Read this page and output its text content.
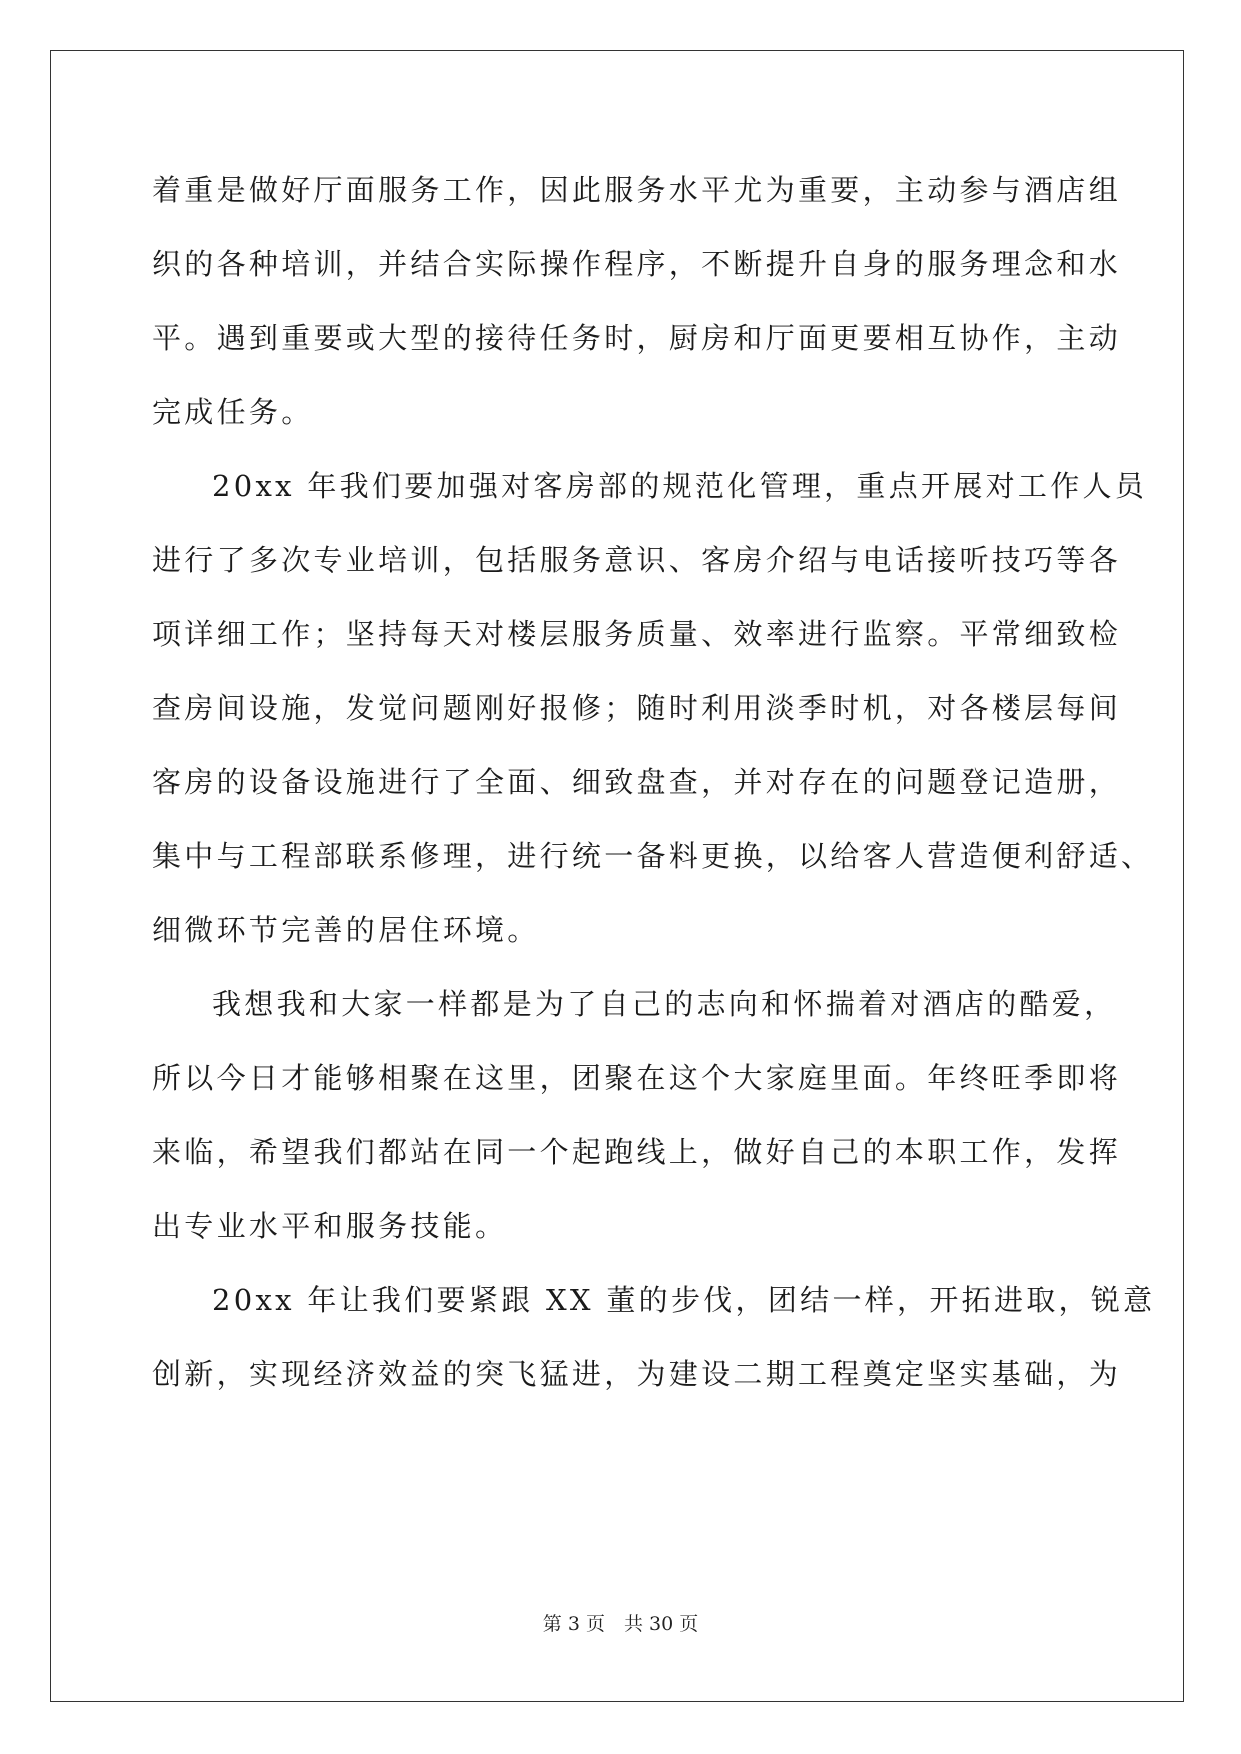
着重是做好厅面服务工作，因此服务水平尤为重要，主动参与酒店组
织的各种培训，并结合实际操作程序，不断提升自身的服务理念和水
平。遇到重要或大型的接待任务时，厨房和厅面更要相互协作，主动
完成任务。
20xx 年我们要加强对客房部的规范化管理，重点开展对工作人员
进行了多次专业培训，包括服务意识、客房介绍与电话接听技巧等各
项详细工作；坚持每天对楼层服务质量、效率进行监察。平常细致检
查房间设施，发觉问题刚好报修；随时利用淡季时机，对各楼层每间
客房的设备设施进行了全面、细致盘查，并对存在的问题登记造册，
集中与工程部联系修理，进行统一备料更换，以给客人营造便利舒适、
细微环节完善的居住环境。
我想我和大家一样都是为了自己的志向和怀揣着对酒店的酷爱，
所以今日才能够相聚在这里，团聚在这个大家庭里面。年终旺季即将
来临，希望我们都站在同一个起跑线上，做好自己的本职工作，发挥
出专业水平和服务技能。
20xx 年让我们要紧跟 XX 董的步伐，团结一样，开拓进取，锐意
创新，实现经济效益的突飞猛进，为建设二期工程奠定坚实基础，为
第 3 页　共 30 页
